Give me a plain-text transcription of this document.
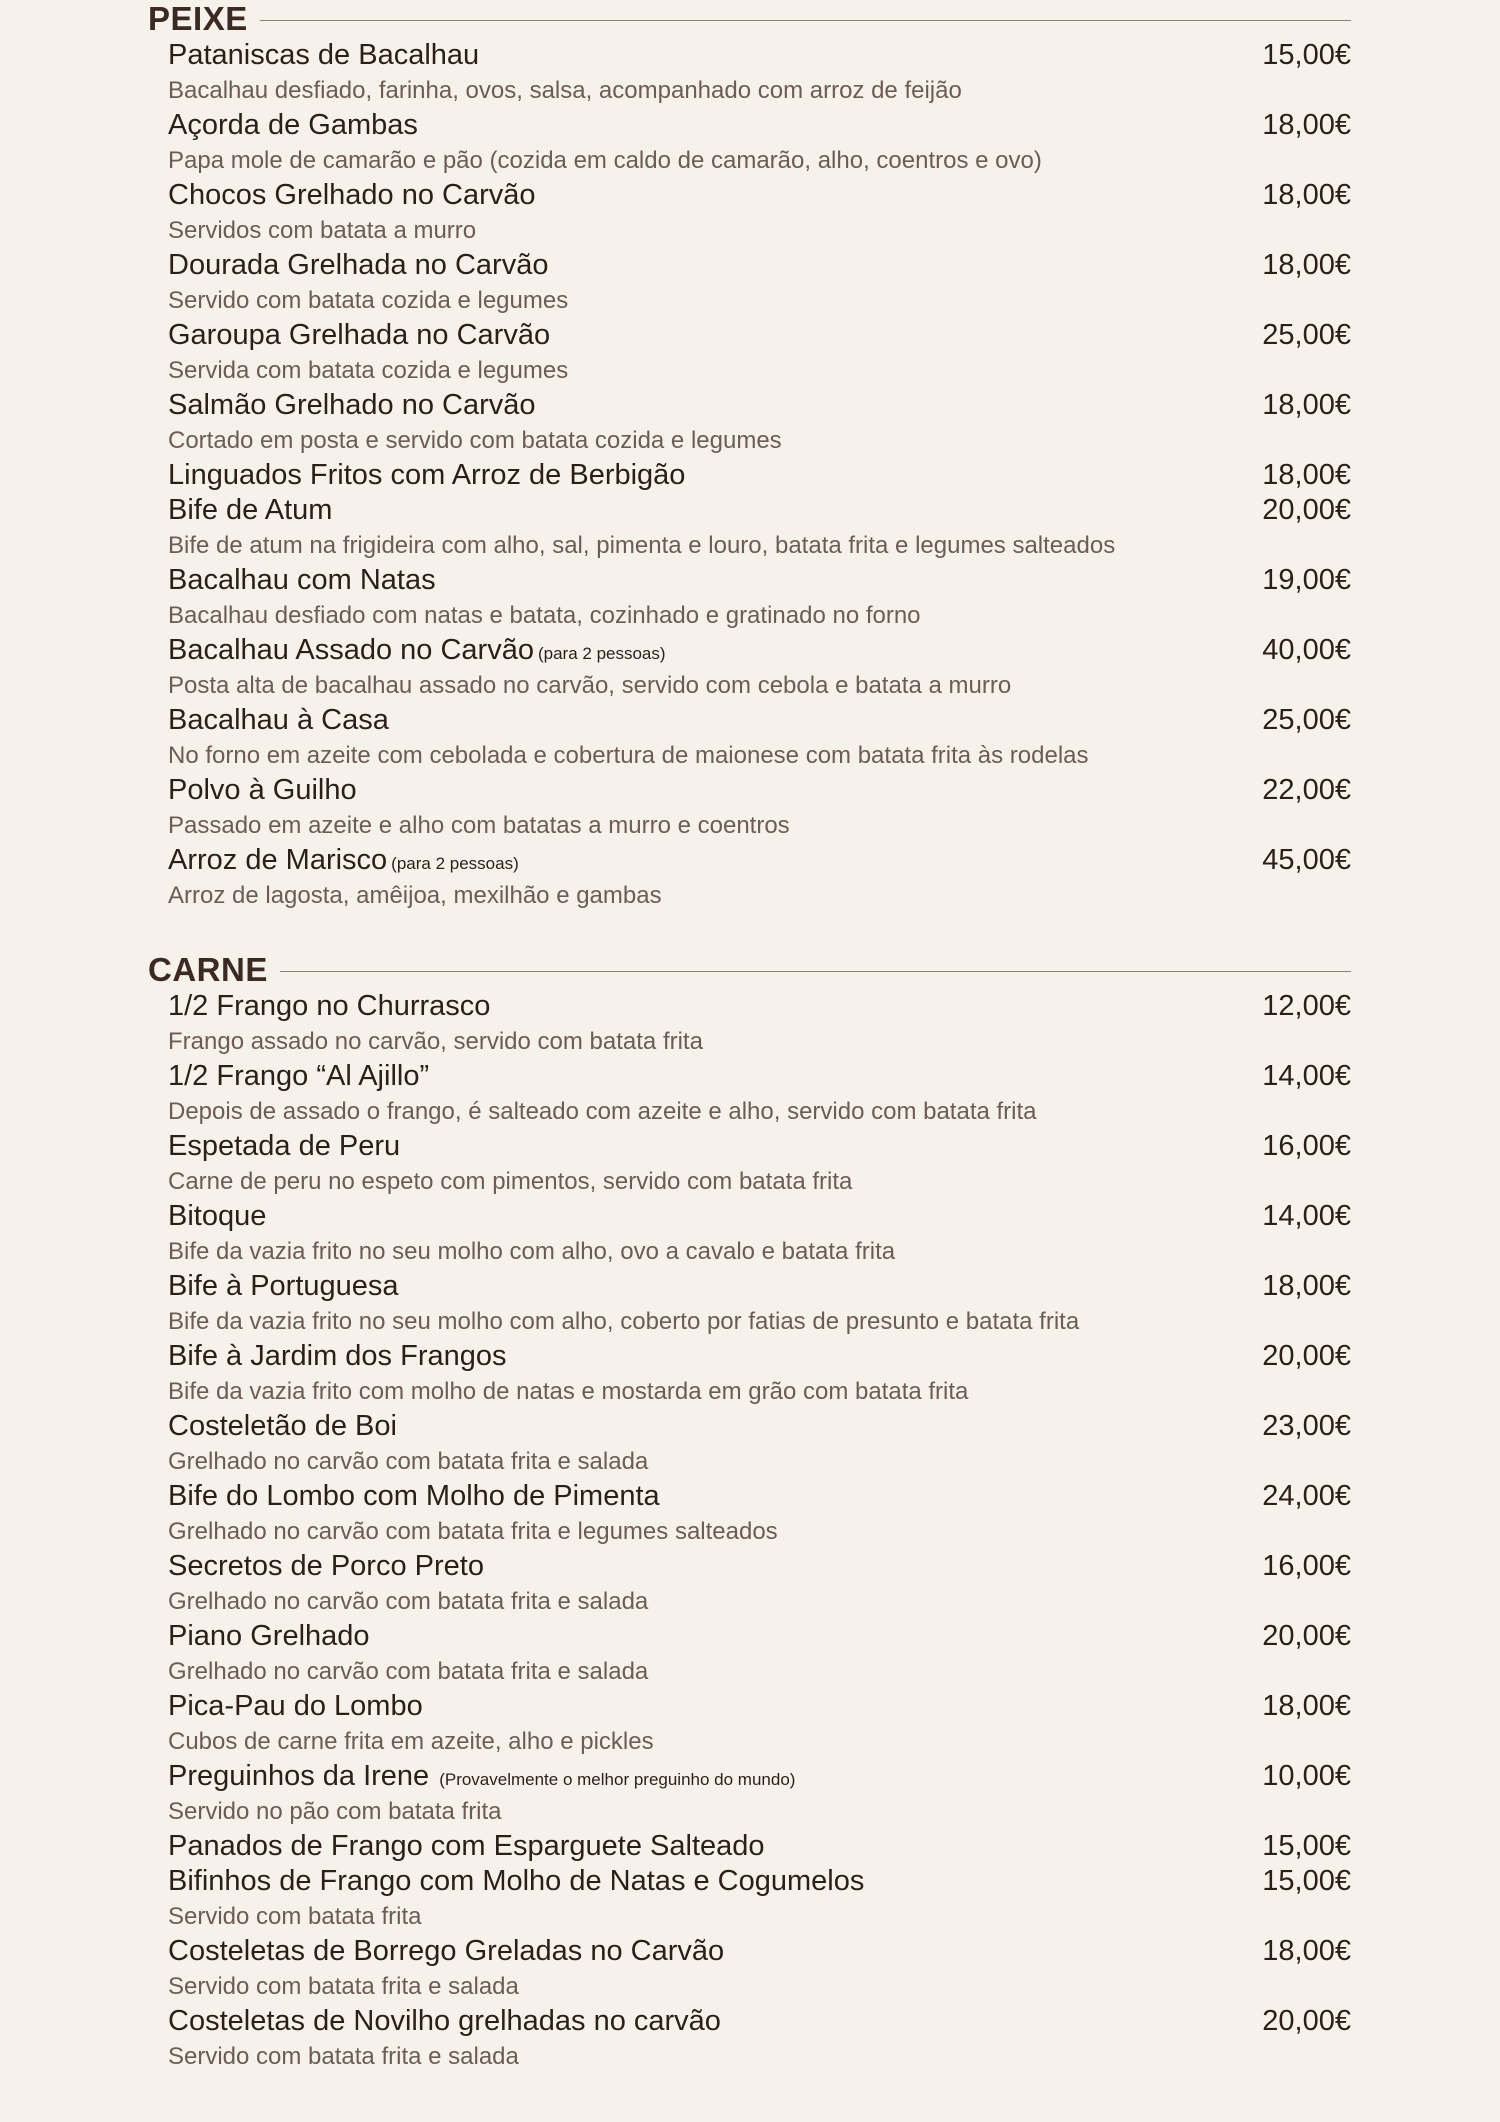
PEIXE
Pataniscas de Bacalhau	15,00€
Bacalhau desfiado, farinha, ovos, salsa, acompanhado com arroz de feijão
Açorda de Gambas	18,00€
Papa mole de camarão e pão (cozida em caldo de camarão, alho, coentros e ovo)
Chocos Grelhado no Carvão	18,00€
Servidos com batata a murro
Dourada Grelhada no Carvão	18,00€
Servido com batata cozida e legumes
Garoupa Grelhada no Carvão	25,00€
Servida com batata cozida e legumes
Salmão Grelhado no Carvão	18,00€
Cortado em posta e servido com batata cozida e legumes
Linguados Fritos com Arroz de Berbigão	18,00€
Bife de Atum	20,00€
Bife de atum na frigideira com alho, sal, pimenta e louro, batata frita e legumes salteados
Bacalhau com Natas	19,00€
Bacalhau desfiado com natas e batata, cozinhado e gratinado no forno
Bacalhau Assado no Carvão (para 2 pessoas)	40,00€
Posta alta de bacalhau assado no carvão, servido com cebola e batata a murro
Bacalhau à Casa	25,00€
No forno em azeite com cebolada e cobertura de maionese com batata frita às rodelas
Polvo à Guilho	22,00€
Passado em azeite e alho com batatas a murro e coentros
Arroz de Marisco (para 2 pessoas)	45,00€
Arroz de lagosta, amêijoa, mexilhão e gambas
CARNE
1/2 Frango no Churrasco	12,00€
Frango assado no carvão, servido com batata frita
1/2 Frango “Al Ajillo”	14,00€
Depois de assado o frango, é salteado com azeite e alho, servido com batata frita
Espetada de Peru	16,00€
Carne de peru no espeto com pimentos, servido com batata frita
Bitoque	14,00€
Bife da vazia frito no seu molho com alho, ovo a cavalo e batata frita
Bife à Portuguesa	18,00€
Bife da vazia frito no seu molho com alho, coberto por fatias de presunto e batata frita
Bife à Jardim dos Frangos	20,00€
Bife da vazia frito com molho de natas e mostarda em grão com batata frita
Costeletão de Boi	23,00€
Grelhado no carvão com batata frita e salada
Bife do Lombo com Molho de Pimenta	24,00€
Grelhado no carvão com batata frita e legumes salteados
Secretos de Porco Preto	16,00€
Grelhado no carvão com batata frita e salada
Piano Grelhado	20,00€
Grelhado no carvão com batata frita e salada
Pica-Pau do Lombo	18,00€
Cubos de carne frita em azeite, alho e pickles
Preguinhos da Irene (Provavelmente o melhor preguinho do mundo)	10,00€
Servido no pão com batata frita
Panados de Frango com Esparguete Salteado	15,00€
Bifinhos de Frango com Molho de Natas e Cogumelos	15,00€
Servido com batata frita
Costeletas de Borrego Greladas no Carvão	18,00€
Servido com batata frita e salada
Costeletas de Novilho grelhadas no carvão	20,00€
Servido com batata frita e salada
